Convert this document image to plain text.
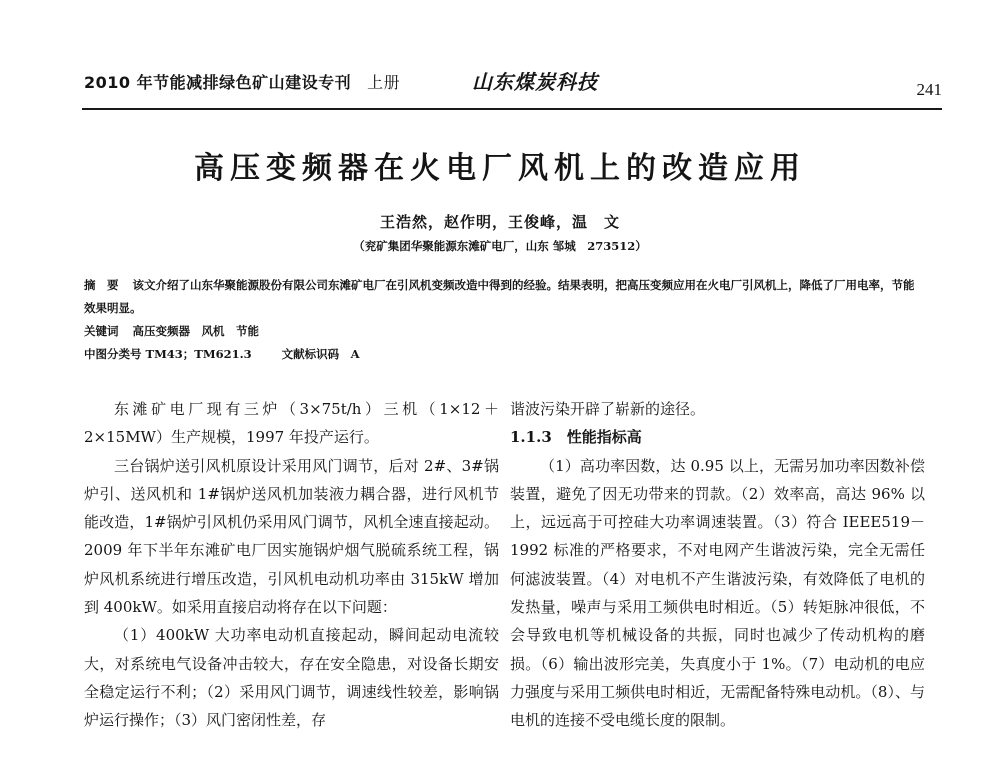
2010 年节能减排绿色矿山建设专刊 上册	山东煤炭科技	241
高压变频器在火电厂风机上的改造应用
王浩然，赵作明，王俊峰，温　文
（兖矿集团华聚能源东滩矿电厂，山东 邹城　273512）

摘　要 该文介绍了山东华聚能源股份有限公司东滩矿电厂在引风机变频改造中得到的经验。结果表明，把高压变频应用在火电厂引风机上，降低了厂用电率，节能效果明显。

关键词 高压变频器　风机　节能

中图分类号 TM43；TM621.3	文献标识码　 A

东滩矿电厂现有三炉（3×75t/h）三机（1×12＋2×15MW）生产规模，1997 年投产运行。

三台锅炉送引风机原设计采用风门调节，后对 2#、3#锅炉引、送风机和 1#锅炉送风机加装液力耦合器，进行风机节能改造，1#锅炉引风机仍采用风门调节，风机全速直接起动。2009 年下半年东滩矿电厂因实施锅炉烟气脱硫系统工程，锅炉风机系统进行增压改造，引风机电动机功率由 315kW 增加到 400kW。如采用直接启动将存在以下问题：

（1）400kW 大功率电动机直接起动，瞬间起动电流较大，对系统电气设备冲击较大，存在安全隐患，对设备长期安全稳定运行不利；（2）采用风门调节，调速线性较差，影响锅炉运行操作；（3）风门密闭性差，存

谐波污染开辟了崭新的途径。

1.1.3　性能指标高

（1）高功率因数，达 0.95 以上，无需另加功率因数补偿装置，避免了因无功带来的罚款。（2）效率高，高达 96% 以上，远远高于可控硅大功率调速装置。（3）符合 IEEE519－1992 标准的严格要求，不对电网产生谐波污染，完全无需任何滤波装置。（4）对电机不产生谐波污染，有效降低了电机的发热量，噪声与采用工频供电时相近。（5）转矩脉冲很低，不会导致电机等机械设备的共振，同时也减少了传动机构的磨损。（6）输出波形完美，失真度小于 1%。（7）电动机的电应力强度与采用工频供电时相近，无需配备特殊电动机。（8）、与电机的连接不受电缆长度的限制。
